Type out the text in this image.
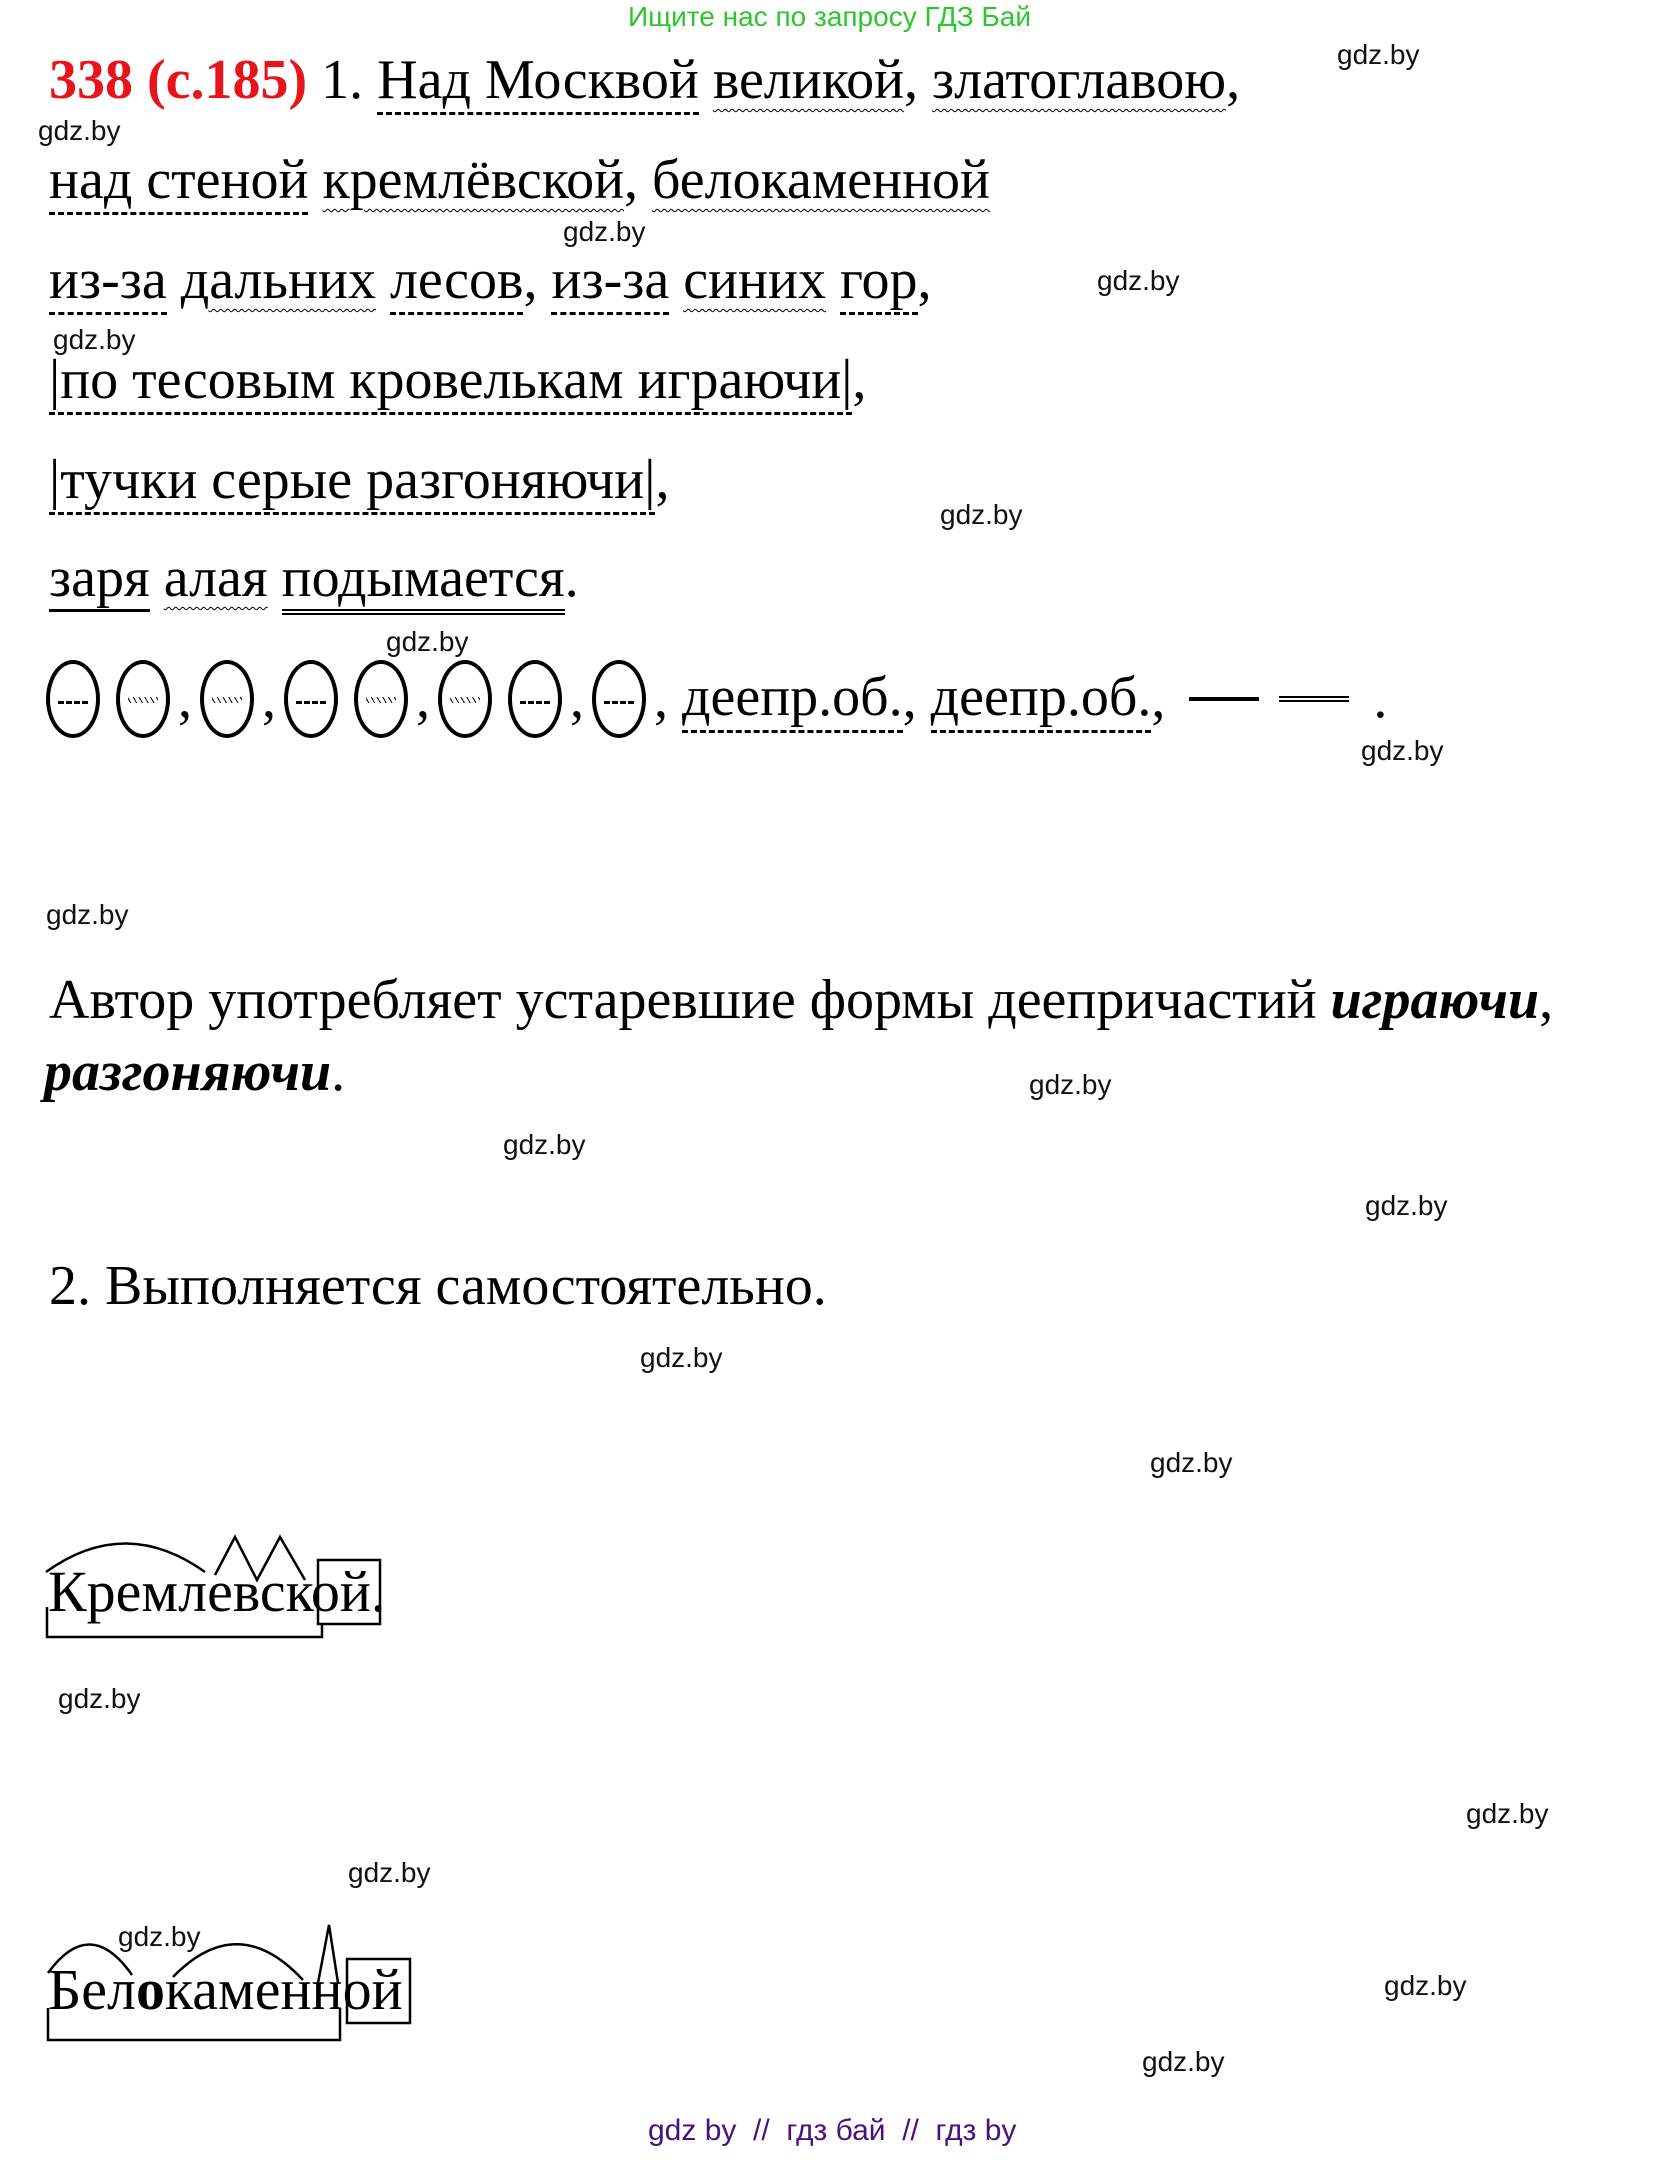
Ищите нас по запросу ГДЗ Бай
338 (с.185) 1. Над Москвой великой, златоглавою,
над стеной кремлёвской, белокаменной
из-за дальних лесов, из-за синих гор,
|по тесовым кровелькам играючи|,
|тучки серые разгоняючи|,
заря алая подымается.
, ,	,	, , деепр.об. , деепр.об. ,	.
Автор употребляет устаревшие формы деепричастий играючи,
разгоняючи.
2. Выполняется самостоятельно.
Кремлевской.
Белокаменной
gdz.by
gdz.by
gdz.by
gdz.by
gdz.by
gdz.by
gdz.by
gdz.by
gdz.by
gdz.by
gdz.by
gdz.by
gdz.by
gdz.by
gdz.by
gdz.by
gdz.by
gdz.by
gdz.by
gdz.by
gdz by  //  гдз бай  //  гдз by
